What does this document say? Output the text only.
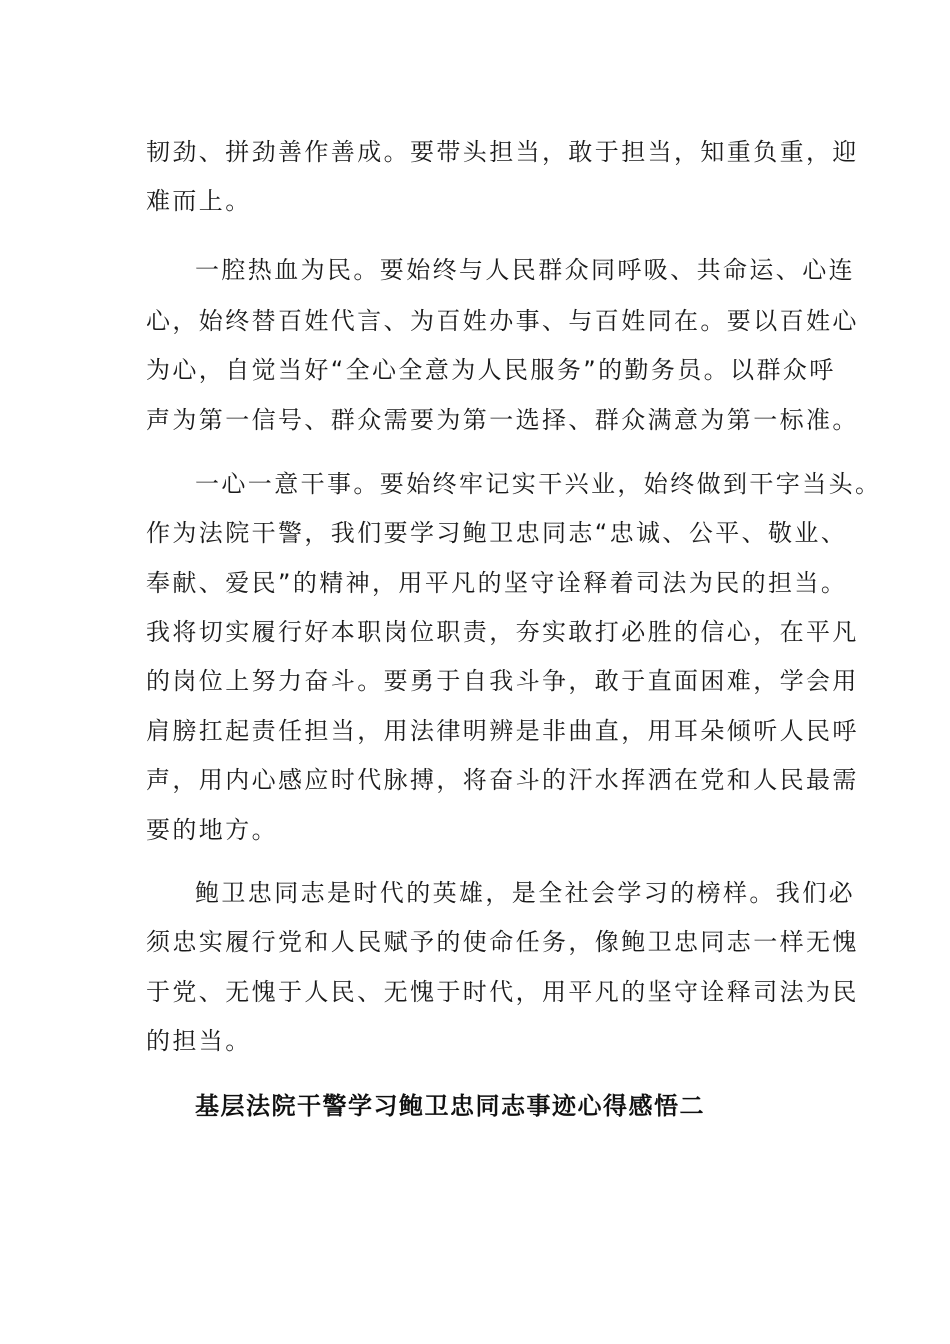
韧劲、拼劲善作善成。要带头担当，敢于担当，知重负重，迎
难而上。
一腔热血为民。要始终与人民群众同呼吸、共命运、心连
心，始终替百姓代言、为百姓办事、与百姓同在。要以百姓心
为心，自觉当好“全心全意为人民服务”的勤务员。以群众呼
声为第一信号、群众需要为第一选择、群众满意为第一标准。
一心一意干事。要始终牢记实干兴业，始终做到干字当头。
作为法院干警，我们要学习鲍卫忠同志“忠诚、公平、敬业、
奉献、爱民”的精神，用平凡的坚守诠释着司法为民的担当。
我将切实履行好本职岗位职责，夯实敢打必胜的信心，在平凡
的岗位上努力奋斗。要勇于自我斗争，敢于直面困难，学会用
肩膀扛起责任担当，用法律明辨是非曲直，用耳朵倾听人民呼
声，用内心感应时代脉搏，将奋斗的汗水挥洒在党和人民最需
要的地方。
鲍卫忠同志是时代的英雄，是全社会学习的榜样。我们必
须忠实履行党和人民赋予的使命任务，像鲍卫忠同志一样无愧
于党、无愧于人民、无愧于时代，用平凡的坚守诠释司法为民
的担当。
基层法院干警学习鲍卫忠同志事迹心得感悟二
